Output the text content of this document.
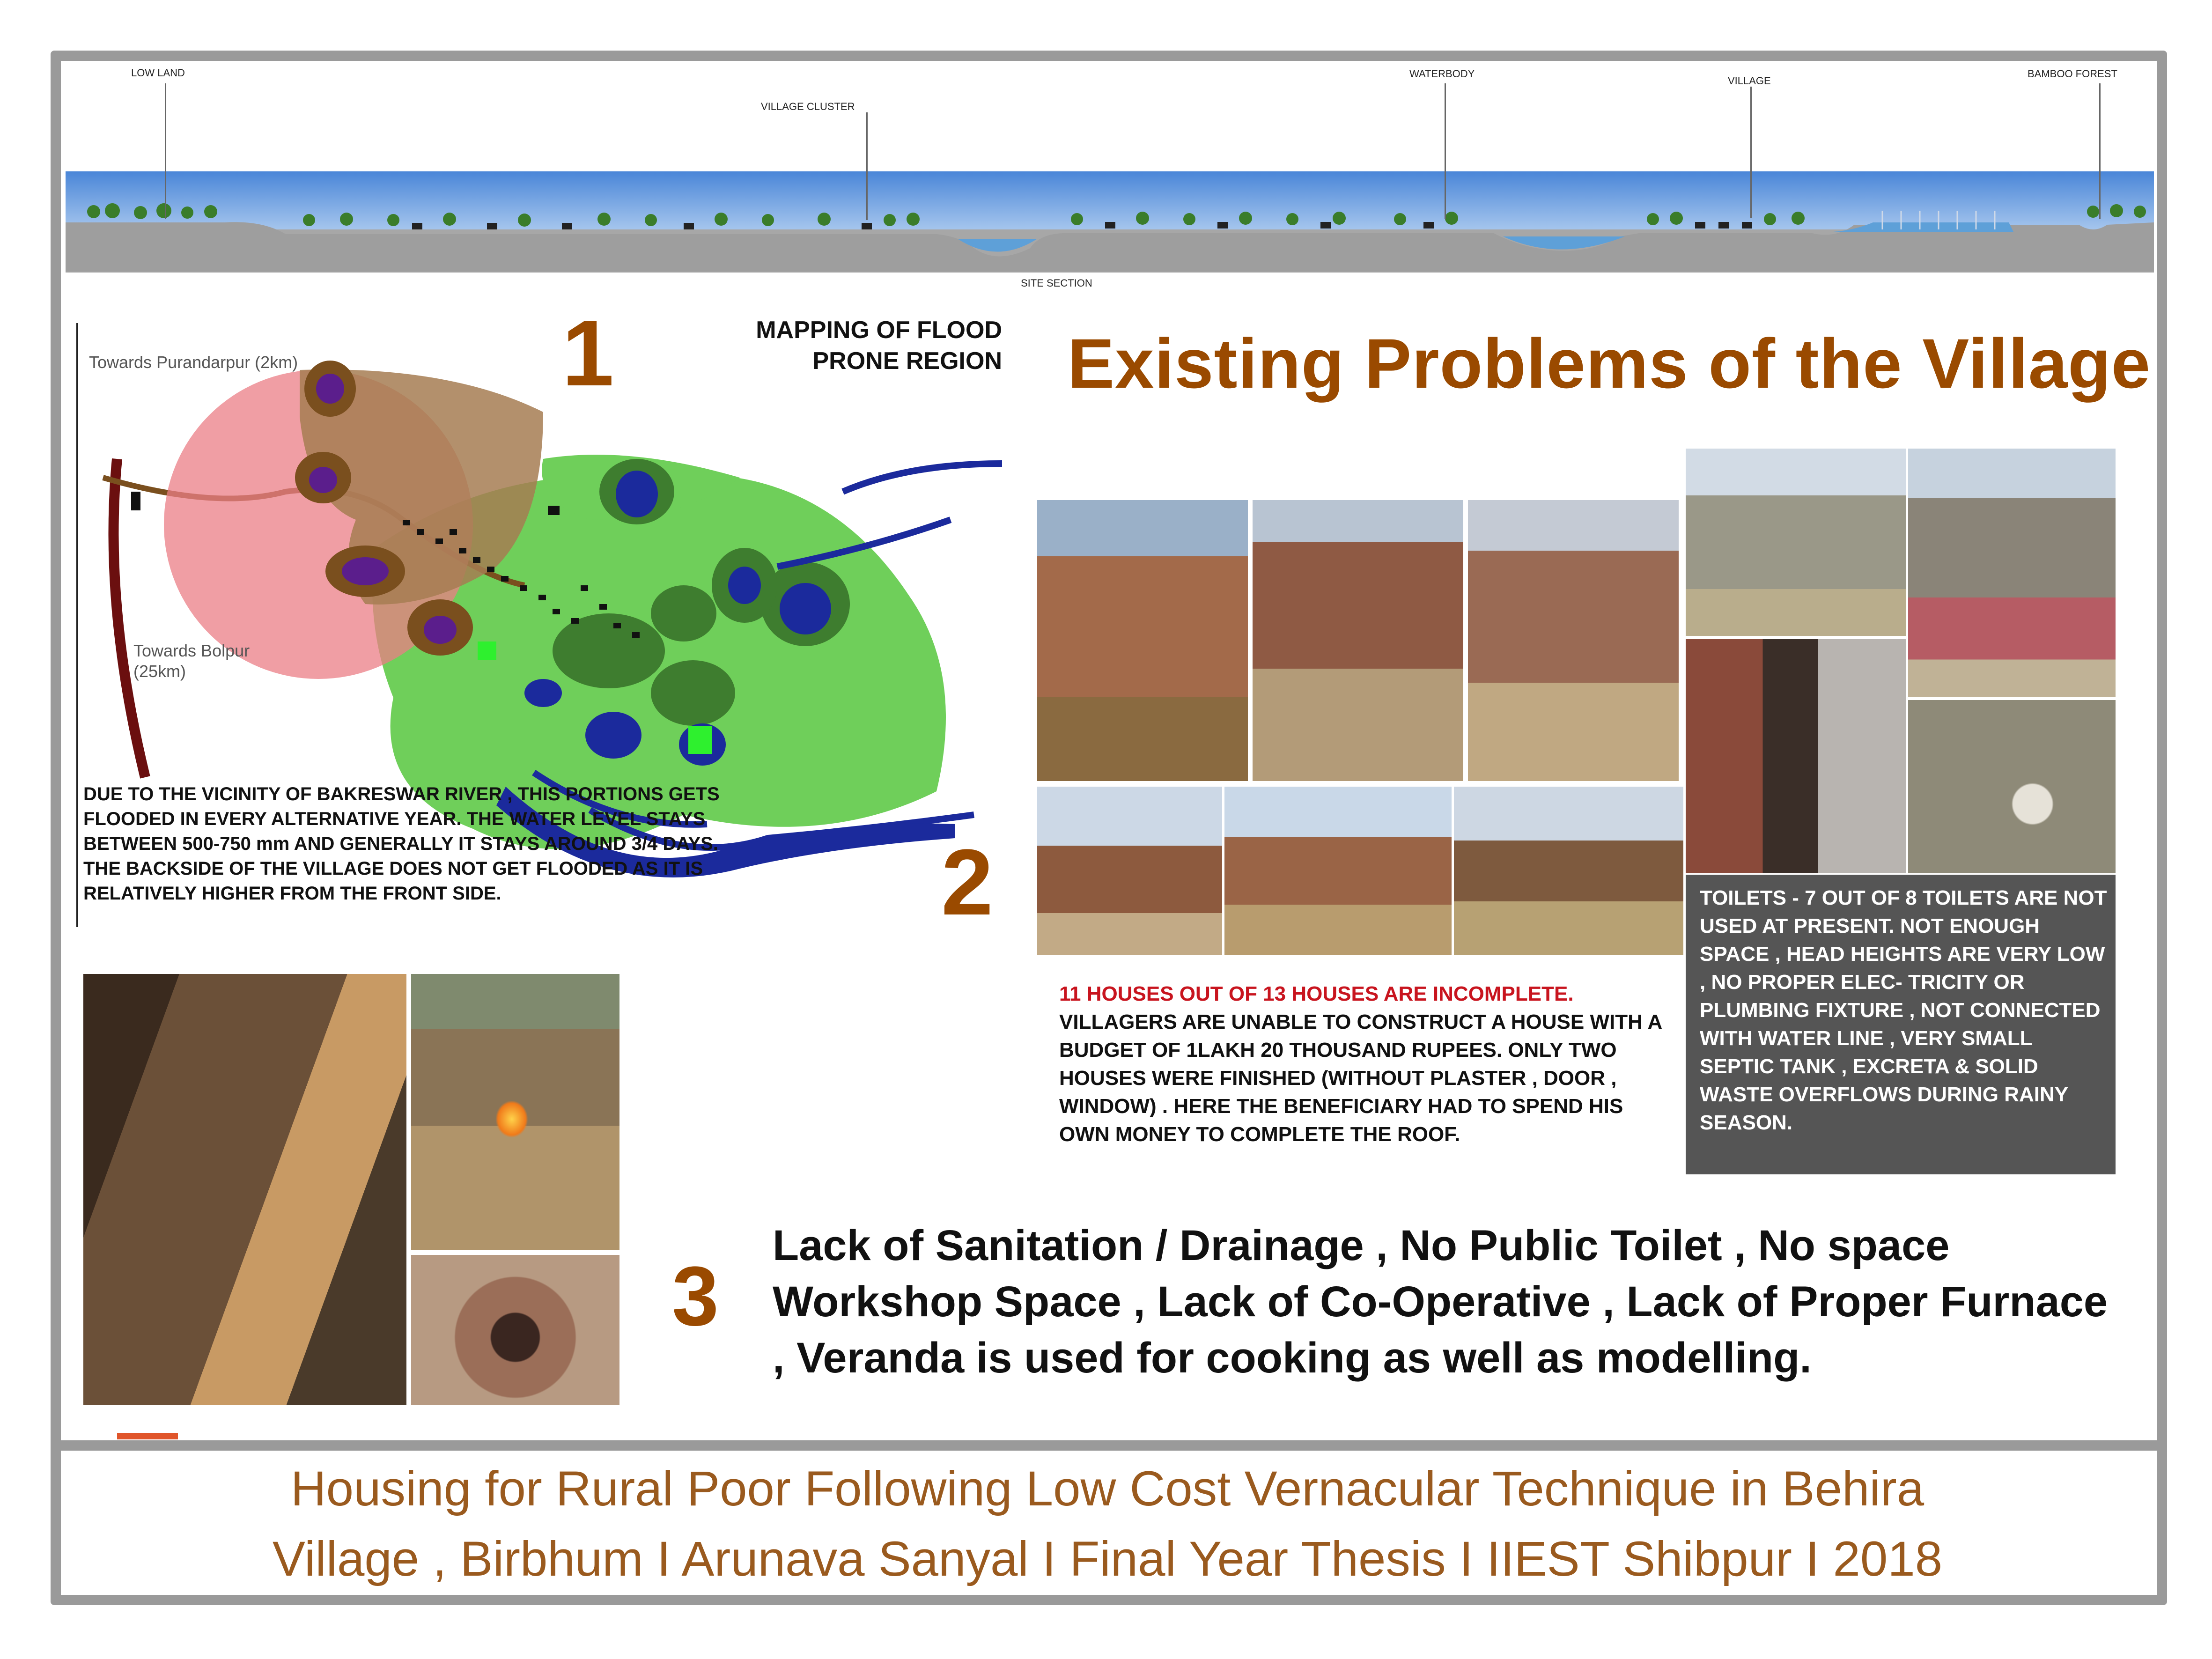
LOW LAND
VILLAGE CLUSTER
WATERBODY
VILLAGE
BAMBOO FOREST
SITE SECTION
1	MAPPING OF FLOOD PRONE REGION
Towards Purandarpur (2km)
Towards Bolpur (25km)
DUE TO THE VICINITY OF BAKRESWAR RIVER , THIS PORTIONS GETS FLOODED IN EVERY ALTERNATIVE YEAR. THE WATER LEVEL STAYS BETWEEN 500-750 mm AND GENERALLY IT STAYS AROUND 3/4 DAYS. THE BACKSIDE OF THE VILLAGE DOES NOT GET FLOODED AS IT IS RELATIVELY HIGHER FROM THE FRONT SIDE.
Existing Problems of the Village
2
11 HOUSES OUT OF 13 HOUSES ARE INCOMPLETE.
VILLAGERS ARE UNABLE TO CONSTRUCT A HOUSE WITH A BUDGET OF 1LAKH 20 THOUSAND RUPEES. ONLY TWO HOUSES WERE FINISHED (WITHOUT PLASTER , DOOR , WINDOW) . HERE THE BENEFICIARY HAD TO SPEND HIS OWN MONEY TO COMPLETE THE ROOF.
TOILETS - 7 OUT OF 8 TOILETS ARE NOT USED AT PRESENT. NOT ENOUGH SPACE , HEAD HEIGHTS ARE VERY LOW , NO PROPER ELEC- TRICITY OR PLUMBING FIXTURE , NOT CONNECTED WITH WATER LINE , VERY SMALL SEPTIC TANK , EXCRETA & SOLID WASTE OVERFLOWS DURING RAINY SEASON.
3
Lack of Sanitation / Drainage , No Public Toilet , No space Workshop Space , Lack of Co-Operative , Lack of Proper Furnace , Veranda is used for cooking as well as modelling.
Housing for Rural Poor Following Low Cost Vernacular Technique in Behira
Village , Birbhum I Arunava Sanyal I Final Year Thesis I IIEST Shibpur I 2018
